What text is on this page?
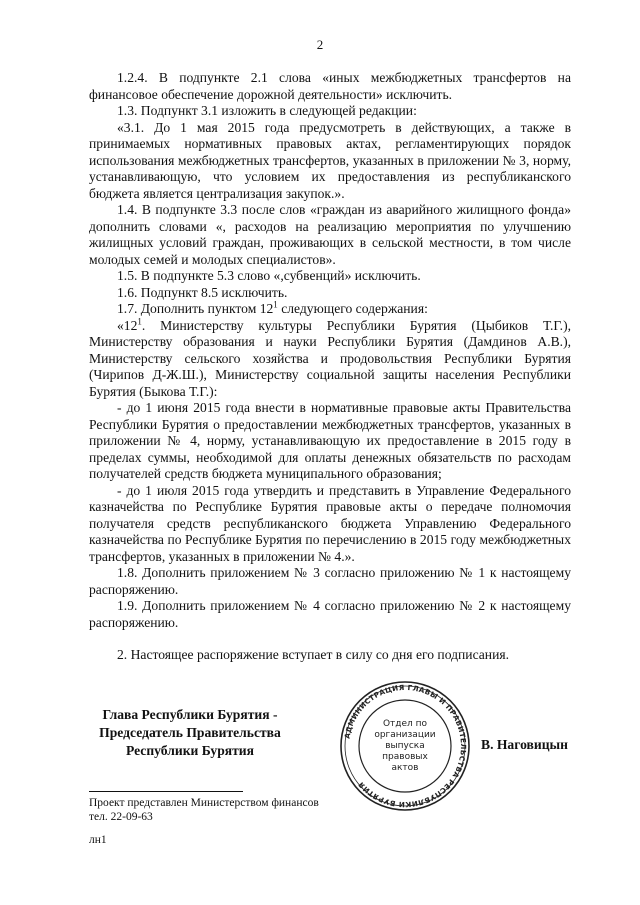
2

1.2.4. В подпункте 2.1 слова «иных межбюджетных трансфертов на финансовое обеспечение дорожной деятельности» исключить.

1.3. Подпункт 3.1 изложить в следующей редакции:

«3.1. До 1 мая 2015 года предусмотреть в действующих, а также в принимаемых нормативных правовых актах, регламентирующих порядок использования межбюджетных трансфертов, указанных в приложении № 3, норму, устанавливающую, что условием их предоставления из республиканского бюджета является централизация закупок.».

1.4. В подпункте 3.3 после слов «граждан из аварийного жилищного фонда» дополнить словами «, расходов на реализацию мероприятия по улучшению жилищных условий граждан, проживающих в сельской местности, в том числе молодых семей и молодых специалистов».

1.5. В подпункте 5.3 слово «,субвенций» исключить.

1.6. Подпункт 8.5 исключить.

1.7. Дополнить пунктом $12^1$ следующего содержания:

«$12^1$. Министерству культуры Республики Бурятия (Цыбиков Т.Г.), Министерству образования и науки Республики Бурятия (Дамдинов А.В.), Министерству сельского хозяйства и продовольствия Республики Бурятия (Чирипов Д-Ж.Ш.), Министерству социальной защиты населения Республики Бурятия (Быкова Т.Г.):

- до 1 июня 2015 года внести в нормативные правовые акты Правительства Республики Бурятия о предоставлении межбюджетных трансфертов, указанных в приложении № 4, норму, устанавливающую их предоставление в 2015 году в пределах суммы, необходимой для оплаты денежных обязательств по расходам получателей средств бюджета муниципального образования;

- до 1 июля 2015 года утвердить и представить в Управление Федерального казначейства по Республике Бурятия правовые акты о передаче полномочия получателя средств республиканского бюджета Управлению Федерального казначейства по Республике Бурятия по перечислению в 2015 году межбюджетных трансфертов, указанных в приложении № 4.».

1.8. Дополнить приложением № 3 согласно приложению № 1 к настоящему распоряжению.

1.9. Дополнить приложением № 4 согласно приложению № 2 к настоящему распоряжению.

2. Настоящее распоряжение вступает в силу со дня его подписания.

Глава Республики Бурятия -
Председатель Правительства
Республики Бурятия
АДМИНИСТРАЦИЯ ГЛАВЫ И ПРАВИТЕЛЬСТВА РЕСПУБЛИКИ БУРЯТИЯ
Отдел по
организации
выпуска
правовых
актов
В. Наговицын
Проект представлен Министерством финансов
тел. 22-09-63
лн1
